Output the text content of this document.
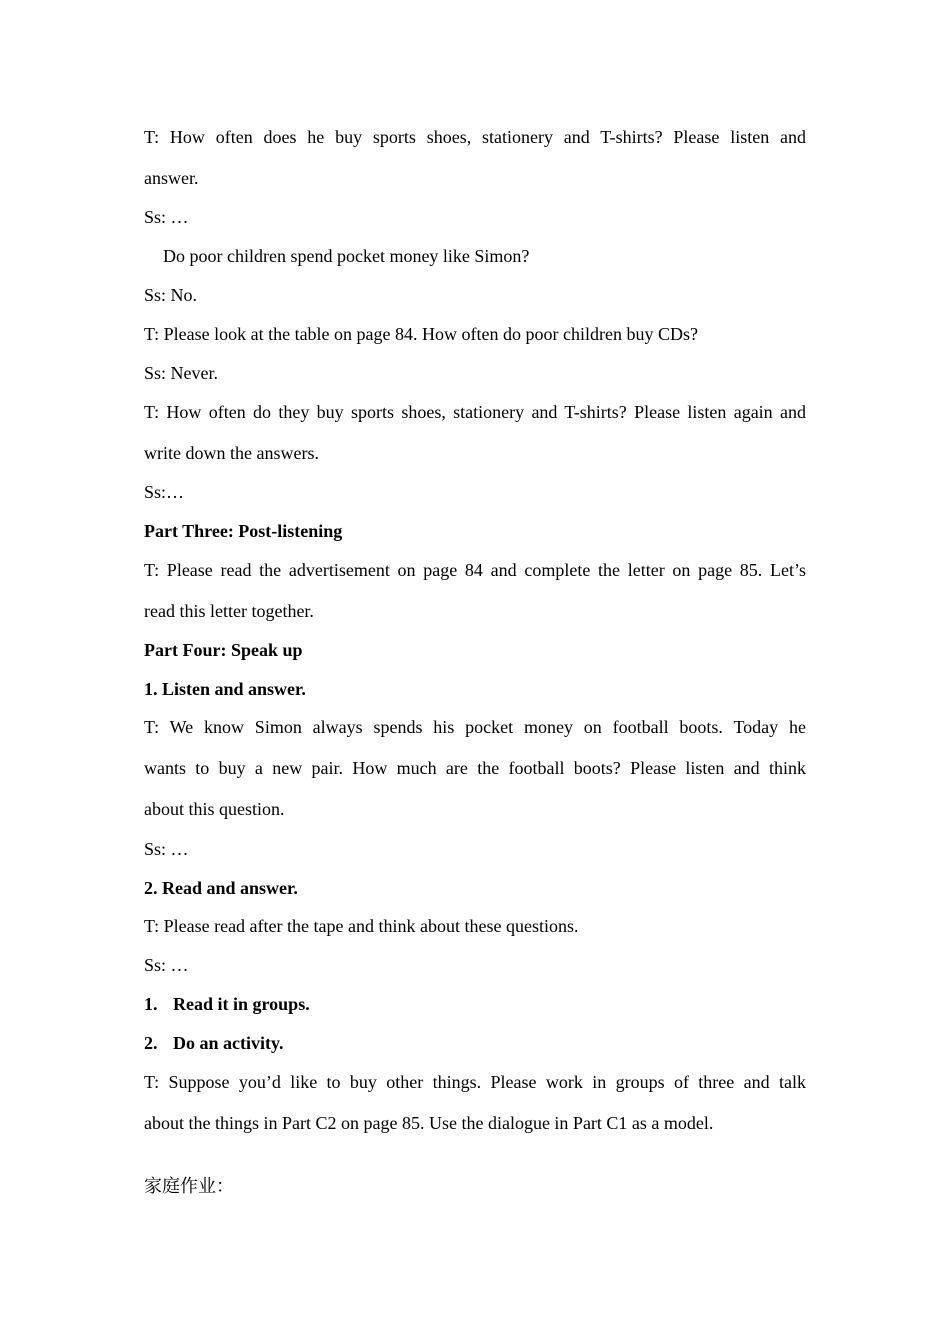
T: How often does he buy sports shoes, stationery and T-shirts? Please listen and
answer.
Ss: …
Do poor children spend pocket money like Simon?
Ss: No.
T: Please look at the table on page 84. How often do poor children buy CDs?
Ss: Never.
T: How often do they buy sports shoes, stationery and T-shirts? Please listen again and
write down the answers.
Ss:…
Part Three: Post-listening
T: Please read the advertisement on page 84 and complete the letter on page 85. Let’s
read this letter together.
Part Four: Speak up
1. Listen and answer.
T: We know Simon always spends his pocket money on football boots. Today he
wants to buy a new pair. How much are the football boots? Please listen and think
about this question.
Ss: …
2. Read and answer.
T: Please read after the tape and think about these questions.
Ss: …
1. Read it in groups.
2. Do an activity.
T: Suppose you’d like to buy other things. Please work in groups of three and talk
about the things in Part C2 on page 85. Use the dialogue in Part C1 as a model.
家庭作业：
